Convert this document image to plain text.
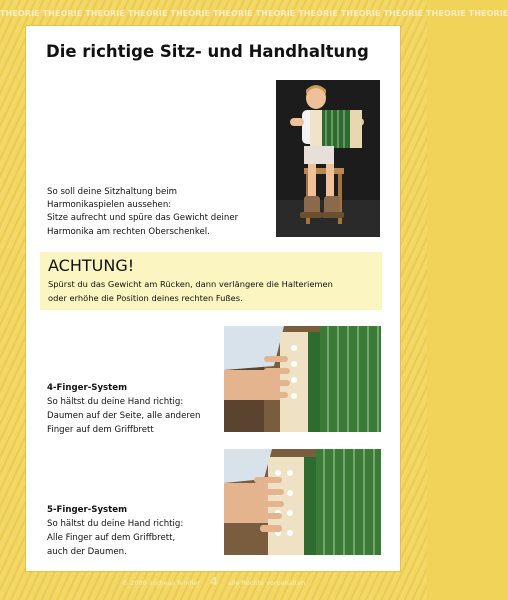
THEORIE THEORIE THEORIE THEORIE THEORIE THEORIE THEORIE THEORIE THEORIE THEORIE THEORIE THEORIE
Die richtige Sitz- und Handhaltung
So soll deine Sitzhaltung beim
Harmonikaspielen aussehen:
Sitze aufrecht und spüre das Gewicht deiner
Harmonika am rechten Oberschenkel.
ACHTUNG!
Spürst du das Gewicht am Rücken, dann verlängere die Halteriemen
oder erhöhe die Position deines rechten Fußes.
4-Finger-System
So hältst du deine Hand richtig:
Daumen auf der Seite, alle anderen
Finger auf dem Griffbrett
5-Finger-System
So hältst du deine Hand richtig:
Alle Finger auf dem Griffbrett,
auch der Daumen.
© 2008 andreas fendler 4 alle Rechte vorbehalten
